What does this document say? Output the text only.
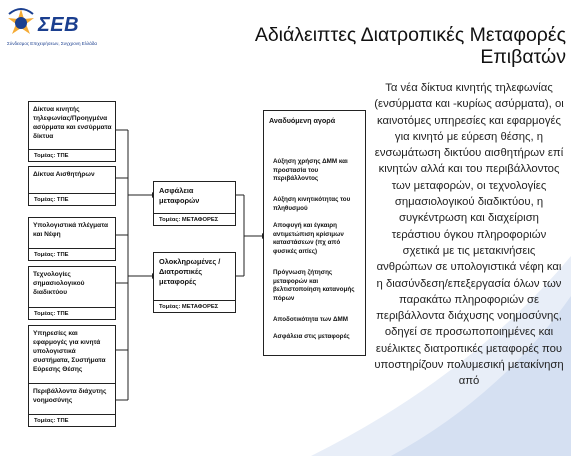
ΣΕΒ
Σύνδεσμος Επιχειρήσεων, Συγχρονη Ελλάδα	Αδιάλειπτες Διατροπικές Μεταφορές Επιβατών
Δίκτυα κινητής τηλεφωνίας/Προηγμένα ασύρματα και ενσύρματα δίκτυα
Τομέας: ΤΠΕ
Δίκτυα Αισθητήρων
Τομέας: ΤΠΕ
Υπολογιστικά πλέγματα και Νέφη
Τομέας: ΤΠΕ
Τεχνολογίες σημασιολογικού διαδικτύου
Τομέας: ΤΠΕ
Υπηρεσίες και εφαρμογές για κινητά υπολογιστικά συστήματα, Συστήματα Εύρεσης Θέσης
Περιβάλλοντα διάχυτης νοημοσύνης
Τομέας: ΤΠΕ
Ασφάλεια μεταφορών
Τομέας: ΜΕΤΑΦΟΡΕΣ
Ολοκληρωμένες / Διατροπικές μεταφορές
Τομέας: ΜΕΤΑΦΟΡΕΣ
Αναδυόμενη αγορά
Αύξηση χρήσης ΔΜΜ και προστασία του περιβάλλοντος
Αύξηση κινητικότητας του πληθυσμού
Αποφυγή και έγκαιρη αντιμετώπιση κρίσιμων καταστάσεων (πχ από φυσικές αιτίες)
Πρόγνωση ζήτησης μεταφορών και βελτιστοποίηση κατανομής πόρων
Αποδοτικότητα των ΔΜΜ
Ασφάλεια στις μεταφορές
Τα νέα δίκτυα κινητής τηλεφωνίας (ενσύρματα και -κυρίως ασύρματα), οι καινοτόμες υπηρεσίες και εφαρμογές για κινητό με εύρεση θέσης, η ενσωμάτωση δικτύου αισθητήρων επί κινητών αλλά και του περιβάλλοντος των μεταφορών, οι τεχνολογίες σημασιολογικού διαδικτύου, η συγκέντρωση και διαχείριση τεράστιου όγκου πληροφοριών σχετικά με τις μετακινήσεις ανθρώπων σε υπολογιστικά νέφη και η διασύνδεση/επεξεργασία όλων των παρακάτω πληροφοριών σε περιβάλλοντα διάχυσης νοημοσύνης, οδηγεί σε προσωποποιημένες και ευέλικτες διατροπικές μεταφορές που υποστηρίζουν πολυμεσική μετακίνηση από
